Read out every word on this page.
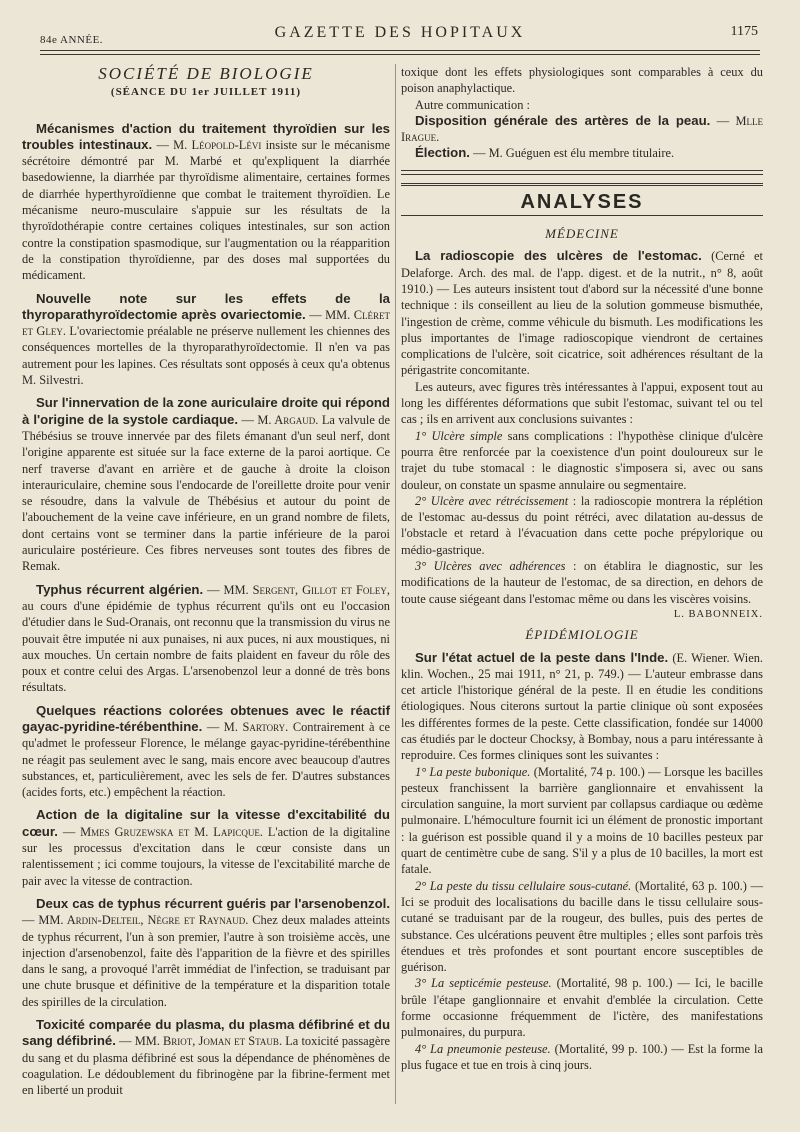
84e ANNÉE.	GAZETTE DES HOPITAUX	1175
SOCIÉTÉ DE BIOLOGIE
(SÉANCE DU 1er JUILLET 1911)

Mécanismes d'action du traitement thyroïdien sur les troubles intestinaux. — M. Léopold-Lévi insiste sur le mécanisme sécrétoire démontré par M. Marbé et qu'expliquent la diarrhée basedowienne, la diarrhée par thyroïdisme alimentaire, certaines formes de diarrhée hyperthyroïdienne que combat le traitement thyroïdien. Le mécanisme neuro-musculaire s'appuie sur les résultats de la thyroïdothérapie contre certaines coliques intestinales, sur son action contre la constipation spasmodique, sur l'augmentation ou la réapparition de la constipation thyroïdienne, par des doses mal supportées du médicament.

Nouvelle note sur les effets de la thyroparathyroïdectomie après ovariectomie. — MM. Cléret et Gley. L'ovariectomie préalable ne préserve nullement les chiennes des conséquences mortelles de la thyroparathyroïdectomie. Il n'en va pas autrement pour les lapines. Ces résultats sont opposés à ceux qu'a obtenus M. Silvestri.

Sur l'innervation de la zone auriculaire droite qui répond à l'origine de la systole cardiaque. — M. Argaud. La valvule de Thébésius se trouve innervée par des filets émanant d'un seul nerf, dont l'origine apparente est située sur la face externe de la paroi aortique. Ce nerf traverse d'avant en arrière et de gauche à droite la cloison interauriculaire, chemine sous l'endocarde de l'oreillette droite pour venir se résoudre, dans la valvule de Thébésius et autour du point de l'abouchement de la veine cave inférieure, en un grand nombre de filets, dont certains vont se terminer dans la partie inférieure de la paroi auriculaire postérieure. Ces fibres nerveuses sont toutes des fibres de Remak.

Typhus récurrent algérien. — MM. Sergent, Gillot et Foley, au cours d'une épidémie de typhus récurrent qu'ils ont eu l'occasion d'étudier dans le Sud-Oranais, ont reconnu que la transmission du virus ne pouvait être imputée ni aux punaises, ni aux puces, ni aux moustiques, ni aux mouches. Un certain nombre de faits plaident en faveur du rôle des poux et contre celui des Argas. L'arsenobenzol leur a donné de très bons résultats.

Quelques réactions colorées obtenues avec le réactif gayac-pyridine-térébenthine. — M. Sartory. Contrairement à ce qu'admet le professeur Florence, le mélange gayac-pyridine-térébenthine ne réagit pas seulement avec le sang, mais encore avec beaucoup d'autres substances, et, particulièrement, avec les sels de fer. D'autres substances (acides forts, etc.) empêchent la réaction.

Action de la digitaline sur la vitesse d'excitabilité du cœur. — Mmes Gruzewska et M. Lapicque. L'action de la digitaline sur les processus d'excitation dans le cœur consiste dans un ralentissement ; ici comme toujours, la vitesse de l'excitabilité marche de pair avec la vitesse de contraction.

Deux cas de typhus récurrent guéris par l'arsenobenzol. — MM. Ardin-Delteil, Nègre et Raynaud. Chez deux malades atteints de typhus récurrent, l'un à son premier, l'autre à son troisième accès, une injection d'arsenobenzol, faite dès l'apparition de la fièvre et des spirilles dans le sang, a provoqué l'arrêt immédiat de l'infection, se traduisant par une chute brusque et définitive de la température et la disparition totale des spirilles de la circulation.

Toxicité comparée du plasma, du plasma défibriné et du sang défibriné. — MM. Briot, Joman et Staub. La toxicité passagère du sang et du plasma défibriné est sous la dépendance de phénomènes de coagulation. Le dédoublement du fibrinogène par la fibrine-ferment met en liberté un produit

toxique dont les effets physiologiques sont comparables à ceux du poison anaphylactique.

Autre communication :

Disposition générale des artères de la peau. — Mlle Irague.

Élection. — M. Guéguen est élu membre titulaire.

ANALYSES
MÉDECINE

La radioscopie des ulcères de l'estomac. (Cerné et Delaforge. Arch. des mal. de l'app. digest. et de la nutrit., n° 8, août 1910.) — Les auteurs insistent tout d'abord sur la nécessité d'une bonne technique : ils conseillent au lieu de la solution gommeuse bismuthée, l'ingestion de crème, comme véhicule du bismuth. Les modifications les plus importantes de l'image radioscopique viendront de certaines complications de l'ulcère, soit cicatrice, soit adhérences résultant de la périgastrite concomitante.

Les auteurs, avec figures très intéressantes à l'appui, exposent tout au long les différentes déformations que subit l'estomac, suivant tel ou tel cas ; ils en arrivent aux conclusions suivantes :

1° Ulcère simple sans complications : l'hypothèse clinique d'ulcère pourra être renforcée par la coexistence d'un point douloureux sur le trajet du tube stomacal : le diagnostic s'imposera si, avec ou sans douleur, on constate un spasme annulaire ou segmentaire.

2° Ulcère avec rétrécissement : la radioscopie montrera la réplétion de l'estomac au-dessus du point rétréci, avec dilatation au-dessus de l'obstacle et retard à l'évacuation dans cette poche prépylorique ou médio-gastrique.

3° Ulcères avec adhérences : on établira le diagnostic, sur les modifications de la hauteur de l'estomac, de sa direction, en dehors de toute cause siégeant dans l'estomac même ou dans les viscères voisins.

L. BABONNEIX.
ÉPIDÉMIOLOGIE

Sur l'état actuel de la peste dans l'Inde. (E. Wiener. Wien. klin. Wochen., 25 mai 1911, n° 21, p. 749.) — L'auteur embrasse dans cet article l'historique général de la peste. Il en étudie les conditions étiologiques. Nous citerons surtout la partie clinique où sont exposées les différentes formes de la peste. Cette classification, fondée sur 14000 cas étudiés par le docteur Chocksy, à Bombay, nous a paru intéressante à reproduire. Ces formes cliniques sont les suivantes :

1° La peste bubonique. (Mortalité, 74 p. 100.) — Lorsque les bacilles pesteux franchissent la barrière ganglionnaire et envahissent la circulation sanguine, la mort survient par collapsus cardiaque ou œdème pulmonaire. L'hémoculture fournit ici un élément de pronostic important : la guérison est possible quand il y a moins de 10 bacilles pesteux par quart de centimètre cube de sang. S'il y a plus de 10 bacilles, la mort est fatale.

2° La peste du tissu cellulaire sous-cutané. (Mortalité, 63 p. 100.) — Ici se produit des localisations du bacille dans le tissu cellulaire sous-cutané se traduisant par de la rougeur, des bulles, puis des pertes de substance. Ces ulcérations peuvent être multiples ; elles sont parfois très étendues et très profondes et sont pourtant encore susceptibles de guérison.

3° La septicémie pesteuse. (Mortalité, 98 p. 100.) — Ici, le bacille brûle l'étape ganglionnaire et envahit d'emblée la circulation. Cette forme occasionne fréquemment de l'ictère, des manifestations pulmonaires, du purpura.

4° La pneumonie pesteuse. (Mortalité, 99 p. 100.) — Est la forme la plus fugace et tue en trois à cinq jours.
